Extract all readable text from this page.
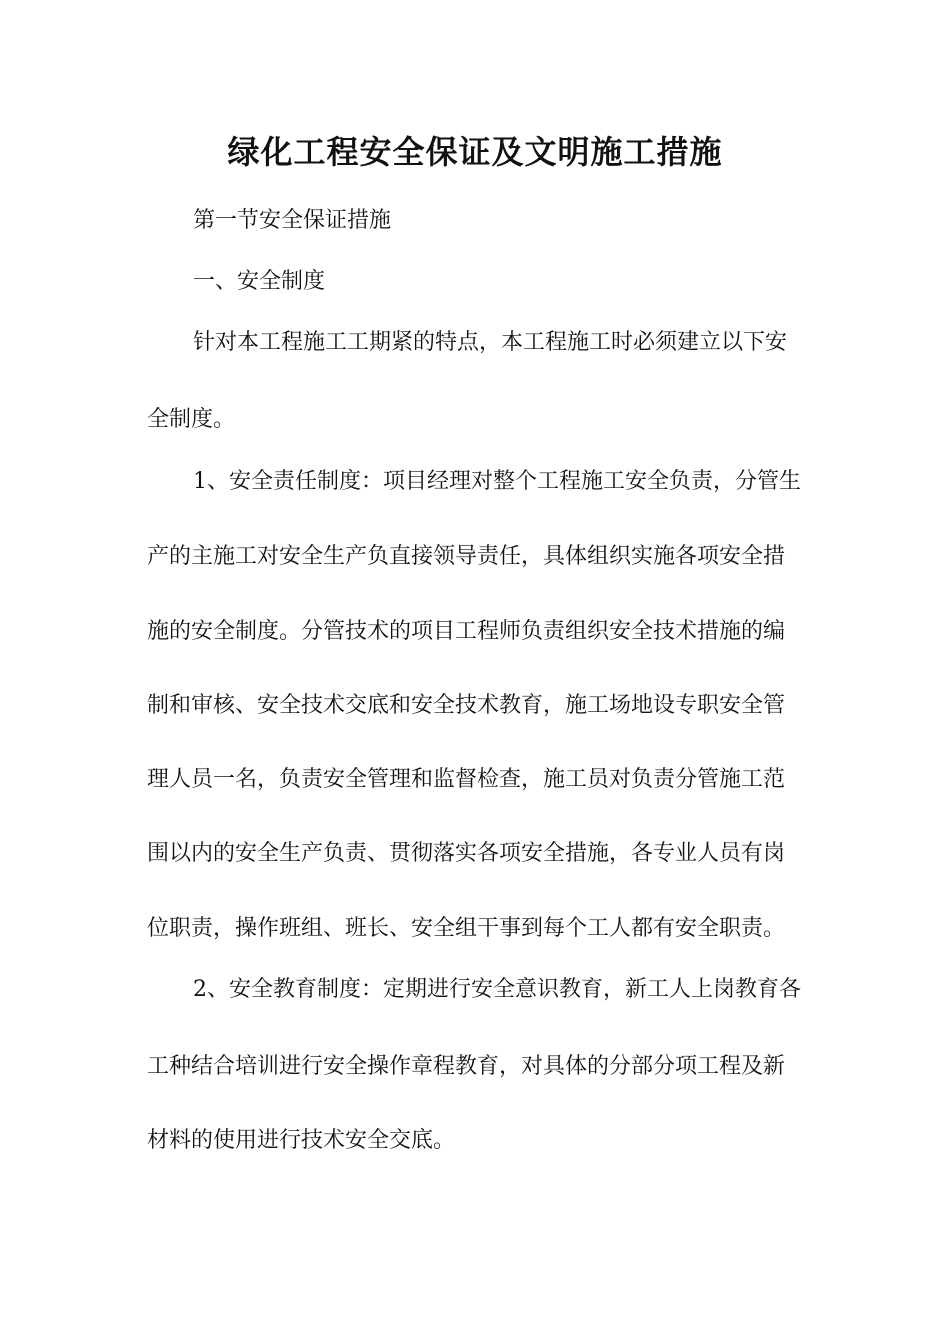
绿化工程安全保证及文明施工措施

第一节安全保证措施

一、安全制度

针对本工程施工工期紧的特点，本工程施工时必须建立以下安

全制度。

1、安全责任制度：项目经理对整个工程施工安全负责，分管生

产的主施工对安全生产负直接领导责任，具体组织实施各项安全措

施的安全制度。分管技术的项目工程师负责组织安全技术措施的编

制和审核、安全技术交底和安全技术教育，施工场地设专职安全管

理人员一名，负责安全管理和监督检查，施工员对负责分管施工范

围以内的安全生产负责、贯彻落实各项安全措施，各专业人员有岗

位职责，操作班组、班长、安全组干事到每个工人都有安全职责。

2、安全教育制度：定期进行安全意识教育，新工人上岗教育各

工种结合培训进行安全操作章程教育，对具体的分部分项工程及新

材料的使用进行技术安全交底。
